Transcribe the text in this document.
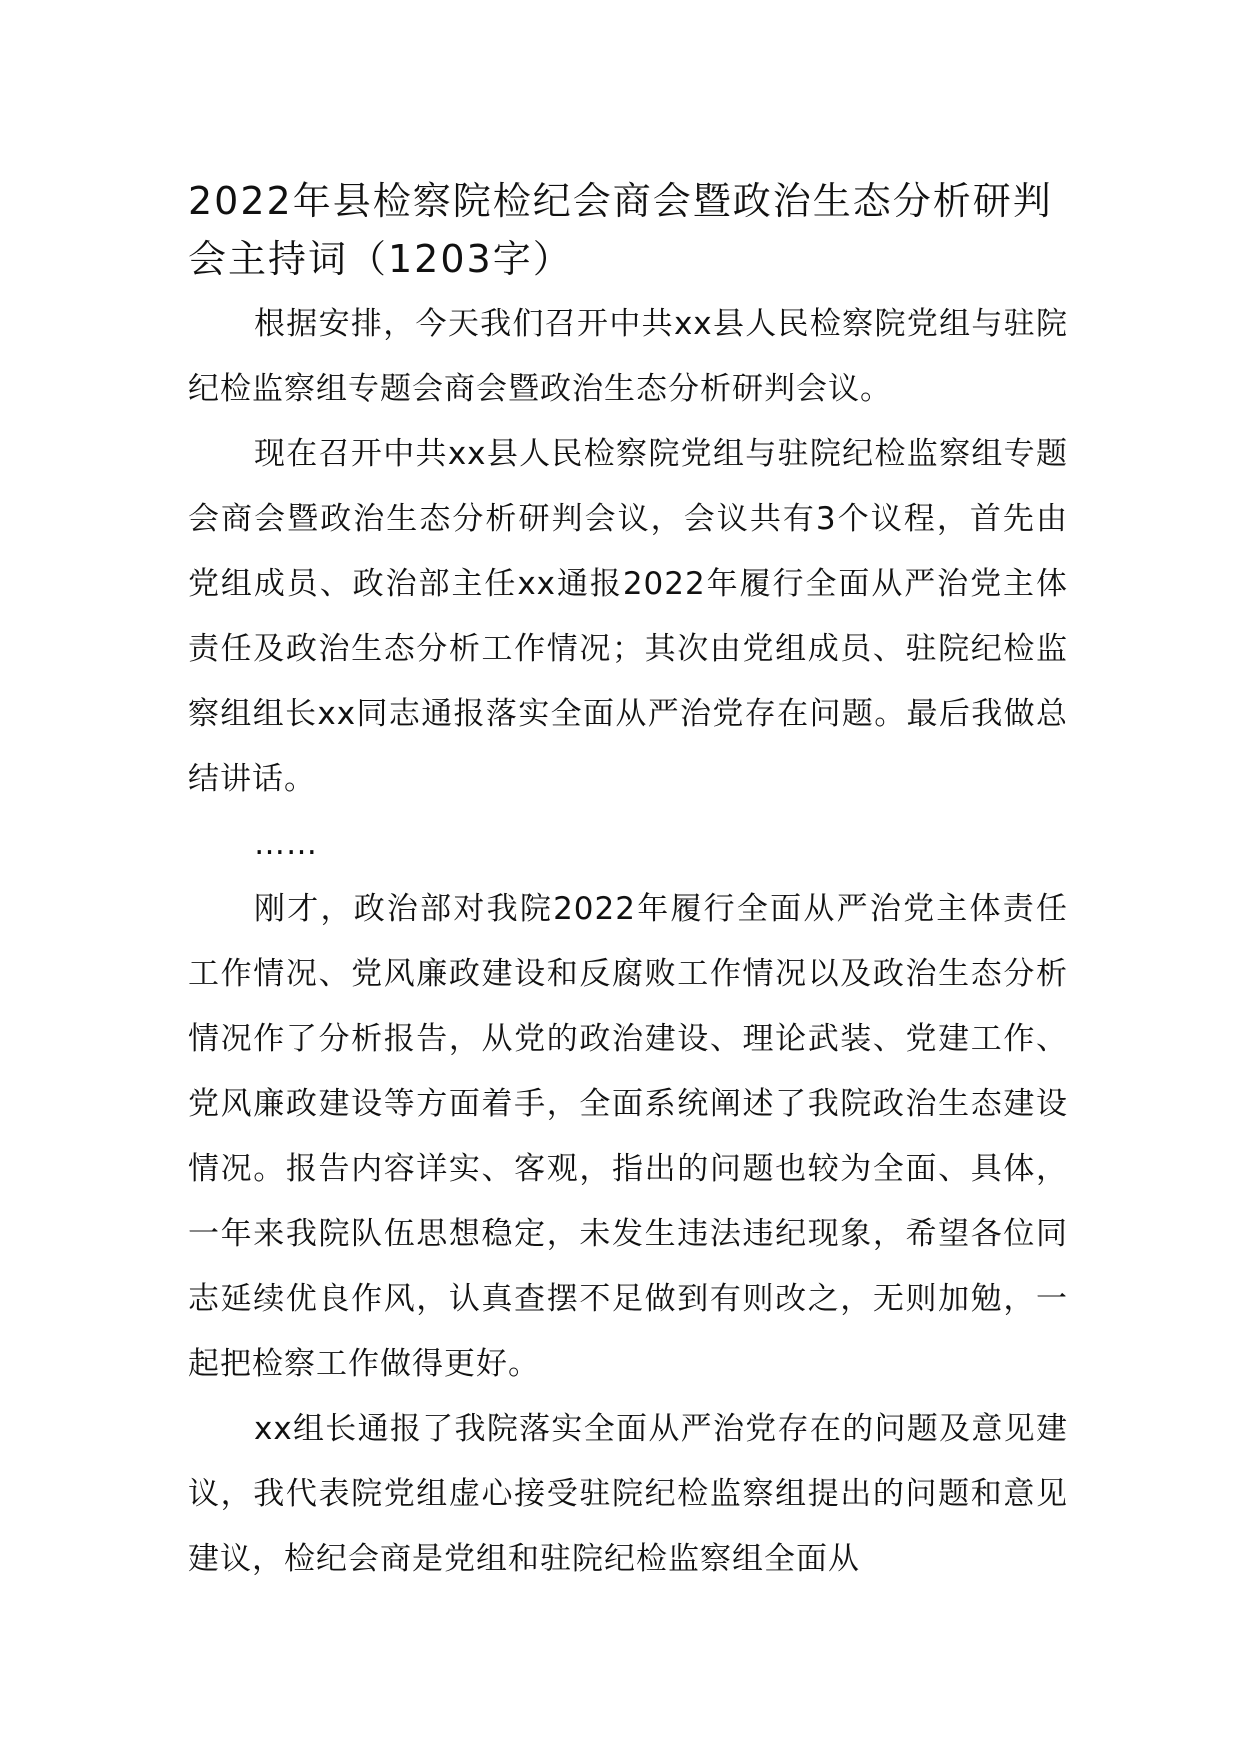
2022年县检察院检纪会商会暨政治生态分析研判会主持词（1203字）

根据安排，今天我们召开中共xx县人民检察院党组与驻院纪检监察组专题会商会暨政治生态分析研判会议。

现在召开中共xx县人民检察院党组与驻院纪检监察组专题会商会暨政治生态分析研判会议，会议共有3个议程，首先由党组成员、政治部主任xx通报2022年履行全面从严治党主体责任及政治生态分析工作情况；其次由党组成员、驻院纪检监察组组长xx同志通报落实全面从严治党存在问题。最后我做总结讲话。

……

刚才，政治部对我院2022年履行全面从严治党主体责任工作情况、党风廉政建设和反腐败工作情况以及政治生态分析情况作了分析报告，从党的政治建设、理论武装、党建工作、党风廉政建设等方面着手，全面系统阐述了我院政治生态建设情况。报告内容详实、客观，指出的问题也较为全面、具体，一年来我院队伍思想稳定，未发生违法违纪现象，希望各位同志延续优良作风，认真查摆不足做到有则改之，无则加勉，一起把检察工作做得更好。

xx组长通报了我院落实全面从严治党存在的问题及意见建议，我代表院党组虚心接受驻院纪检监察组提出的问题和意见建议，检纪会商是党组和驻院纪检监察组全面从
